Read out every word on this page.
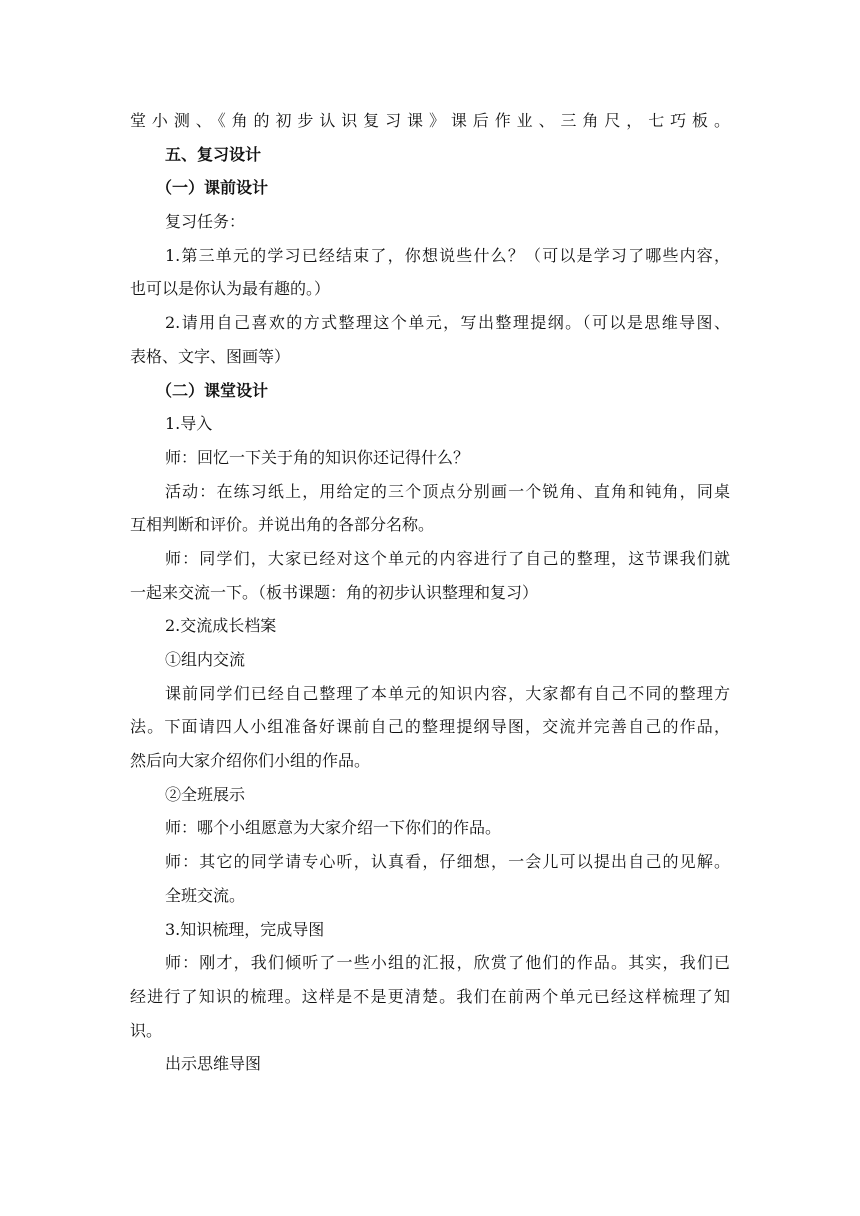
堂小测、《角的初步认识复习课》课后作业、三角尺，七巧板。
五、复习设计
（一）课前设计
复习任务：
1.第三单元的学习已经结束了，你想说些什么？（可以是学习了哪些内容，
也可以是你认为最有趣的。）
2.请用自己喜欢的方式整理这个单元，写出整理提纲。（可以是思维导图、
表格、文字、图画等）
（二）课堂设计
1.导入
师：回忆一下关于角的知识你还记得什么？
活动：在练习纸上，用给定的三个顶点分别画一个锐角、直角和钝角，同桌
互相判断和评价。并说出角的各部分名称。
师：同学们，大家已经对这个单元的内容进行了自己的整理，这节课我们就
一起来交流一下。（板书课题：角的初步认识整理和复习）
2.交流成长档案
①组内交流
课前同学们已经自己整理了本单元的知识内容，大家都有自己不同的整理方
法。下面请四人小组准备好课前自己的整理提纲导图，交流并完善自己的作品，
然后向大家介绍你们小组的作品。
②全班展示
师：哪个小组愿意为大家介绍一下你们的作品。
师：其它的同学请专心听，认真看，仔细想，一会儿可以提出自己的见解。
全班交流。
3.知识梳理，完成导图
师：刚才，我们倾听了一些小组的汇报，欣赏了他们的作品。其实，我们已
经进行了知识的梳理。这样是不是更清楚。我们在前两个单元已经这样梳理了知
识。
出示思维导图
